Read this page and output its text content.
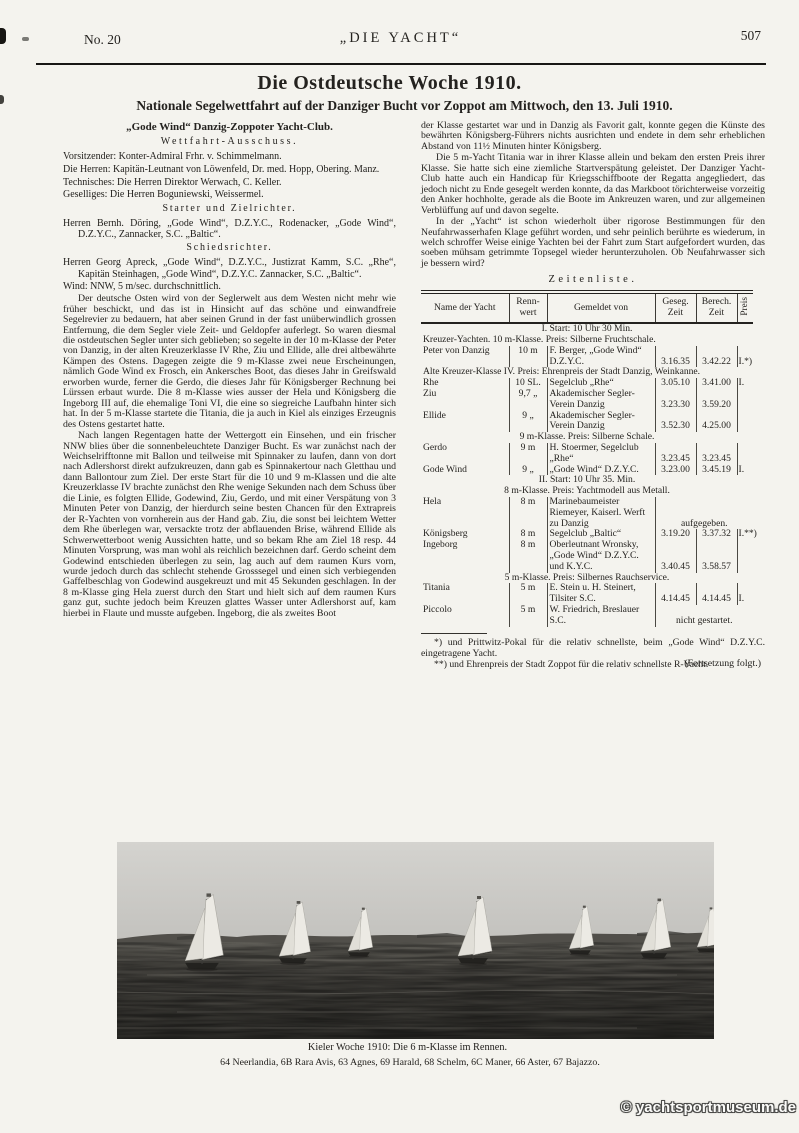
No. 20	„DIE YACHT“	507
Die Ostdeutsche Woche 1910.
Nationale Segelwettfahrt auf der Danziger Bucht vor Zoppot am Mittwoch, den 13. Juli 1910.
„Gode Wind“ Danzig-Zoppoter Yacht-Club.
Wettfahrt-Ausschuss.

Vorsitzender: Konter-Admiral Frhr. v. Schimmelmann.

Die Herren: Kapitän-Leutnant von Löwenfeld, Dr. med. Hopp, Obering. Manz.

Technisches: Die Herren Direktor Werwach, C. Keller.

Geselliges: Die Herren Boguniewski, Weissermel.

Starter und Zielrichter.

Herren Bernh. Döring, „Gode Wind“, D.Z.Y.C., Rodenacker, „Gode Wind“, D.Z.Y.C., Zannacker, S.C. „Baltic“.

Schiedsrichter.

Herren Georg Apreck, „Gode Wind“, D.Z.Y.C., Justizrat Kamm, S.C. „Rhe“, Kapitän Steinhagen, „Gode Wind“, D.Z.Y.C. Zannacker, S.C. „Baltic“.

Wind: NNW, 5 m/sec. durchschnittlich.

Der deutsche Osten wird von der Seglerwelt aus dem Westen nicht mehr wie früher beschickt, und das ist in Hinsicht auf das schöne und einwandfreie Segelrevier zu bedauern, hat aber seinen Grund in der fast unüberwindlich grossen Entfernung, die dem Segler viele Zeit- und Geldopfer auferlegt. So waren diesmal die ostdeutschen Segler unter sich geblieben; so segelte in der 10 m-Klasse der Peter von Danzig, in der alten Kreuzerklasse IV Rhe, Ziu und Ellide, alle drei altbewährte Kämpen des Ostens. Dagegen zeigte die 9 m-Klasse zwei neue Erscheinungen, nämlich Gode Wind ex Frosch, ein Ankersches Boot, das dieses Jahr in Greifswald erworben wurde, ferner die Gerdo, die dieses Jahr für Königsberger Rechnung bei Lürssen erbaut wurde. Die 8 m-Klasse wies ausser der Hela und Königsberg die Ingeborg III auf, die ehemalige Toni VI, die eine so siegreiche Laufbahn hinter sich hat. In der 5 m-Klasse startete die Titania, die ja auch in Kiel als einziges Erzeugnis des Ostens gestartet hatte.

Nach langen Regentagen hatte der Wettergott ein Einsehen, und ein frischer NNW blies über die sonnenbeleuchtete Danziger Bucht. Es war zunächst nach der Weichselrifftonne mit Ballon und teilweise mit Spinnaker zu laufen, dann von dort nach Adlershorst direkt aufzukreuzen, dann gab es Spinnakertour nach Gletthau und dann Ballontour zum Ziel. Der erste Start für die 10 und 9 m-Klassen und die alte Kreuzerklasse IV brachte zunächst den Rhe wenige Sekunden nach dem Schuss über die Linie, es folgten Ellide, Godewind, Ziu, Gerdo, und mit einer Verspätung von 3 Minuten Peter von Danzig, der hierdurch seine besten Chancen für den Extrapreis der R-Yachten von vornherein aus der Hand gab. Ziu, die sonst bei leichtem Wetter dem Rhe überlegen war, versackte trotz der abflauenden Brise, während Ellide als Schwerwetterboot wenig Aussichten hatte, und so bekam Rhe am Ziel 18 resp. 44 Minuten Vorsprung, was man wohl als reichlich bezeichnen darf. Gerdo scheint dem Godewind entschieden überlegen zu sein, lag auch auf dem raumen Kurs vorn, wurde jedoch durch das schlecht stehende Grosssegel und einen sich verbiegenden Gaffelbeschlag von Godewind ausgekreuzt und mit 45 Sekunden geschlagen. In der 8 m-Klasse ging Hela zuerst durch den Start und hielt sich auf dem raumen Kurs ganz gut, suchte jedoch beim Kreuzen glattes Wasser unter Adlershorst auf, kam hierbei in Flaute und musste aufgeben. Ingeborg, die als zweites Boot

der Klasse gestartet war und in Danzig als Favorit galt, konnte gegen die Künste des bewährten Königsberg-Führers nichts ausrichten und endete in dem sehr erheblichen Abstand von 11½ Minuten hinter Königsberg.

Die 5 m-Yacht Titania war in ihrer Klasse allein und bekam den ersten Preis ihrer Klasse. Sie hatte sich eine ziemliche Startverspätung geleistet. Der Danziger Yacht-Club hatte auch ein Handicap für Kriegsschiffboote der Regatta angegliedert, das jedoch nicht zu Ende gesegelt werden konnte, da das Markboot törichterweise vorzeitig den Anker hochholte, gerade als die Boote im Ankreuzen waren, und zur allgemeinen Verblüffung auf und davon segelte.

In der „Yacht“ ist schon wiederholt über rigorose Bestimmungen für den Neufahrwasserhafen Klage geführt worden, und sehr peinlich berührte es wiederum, in welch schroffer Weise einige Yachten bei der Fahrt zum Start aufgefordert wurden, das soeben mühsam getrimmte Topsegel wieder herunterzuholen. Ob Neufahrwasser sich je bessern wird?

Zeitenliste.
Name der Yacht	Renn-wert	Gemeldet von	Geseg. Zeit	Berech. Zeit	Preis
I. Start: 10 Uhr 30 Min.					
Kreuzer-Yachten. 10 m-Klasse. Preis: Silberne Fruchtschale.					
Peter von Danzig	10 m	F. Berger, „Gode Wind“ D.Z.Y.C.	3.16.35	3.42.22	I.*)
Alte Kreuzer-Klasse IV. Preis: Ehrenpreis der Stadt Danzig, Weinkanne.					
Rhe	10 SL.	Segelclub „Rhe“	3.05.10	3.41.00	I.
Ziu	9,7 „	Akademischer Segler-Verein Danzig	3.23.30	3.59.20	
Ellide	9 „	Akademischer Segler-Verein Danzig	3.52.30	4.25.00	
9 m-Klasse. Preis: Silberne Schale.					
Gerdo	9 m	H. Stoermer, Segelclub „Rhe“	3.23.45	3.23.45	
Gode Wind	9 „	„Gode Wind“ D.Z.Y.C.	3.23.00	3.45.19	I.
II. Start: 10 Uhr 35. Min.					
8 m-Klasse. Preis: Yachtmodell aus Metall.					
Hela	8 m	Marinebaumeister Riemeyer, Kaiserl. Werft zu Danzig	aufgegeben.		
Königsberg	8 m	Segelclub „Baltic“	3.19.20	3.37.32	I.**)
Ingeborg	8 m	Oberleutnant Wronsky, „Gode Wind“ D.Z.Y.C. und K.Y.C.	3.40.45	3.58.57	
5 m-Klasse. Preis: Silbernes Rauchservice.					
Titania	5 m	E. Stein u. H. Steinert, Tilsiter S.C.	4.14.45	4.14.45	I.
Piccolo	5 m	W. Friedrich, Breslauer S.C.	nicht gestartet.		

*) und Prittwitz-Pokal für die relativ schnellste, beim „Gode Wind“ D.Z.Y.C. eingetragene Yacht.

**) und Ehrenpreis der Stadt Zoppot für die relativ schnellste R-Yacht.

(Fortsetzung folgt.)
Kieler Woche 1910: Die 6 m-Klasse im Rennen.
64 Neerlandia, 6B Rara Avis, 63 Agnes, 69 Harald, 68 Schelm, 6C Maner, 66 Aster, 67 Bajazzo.
© yachtsportmuseum.de
